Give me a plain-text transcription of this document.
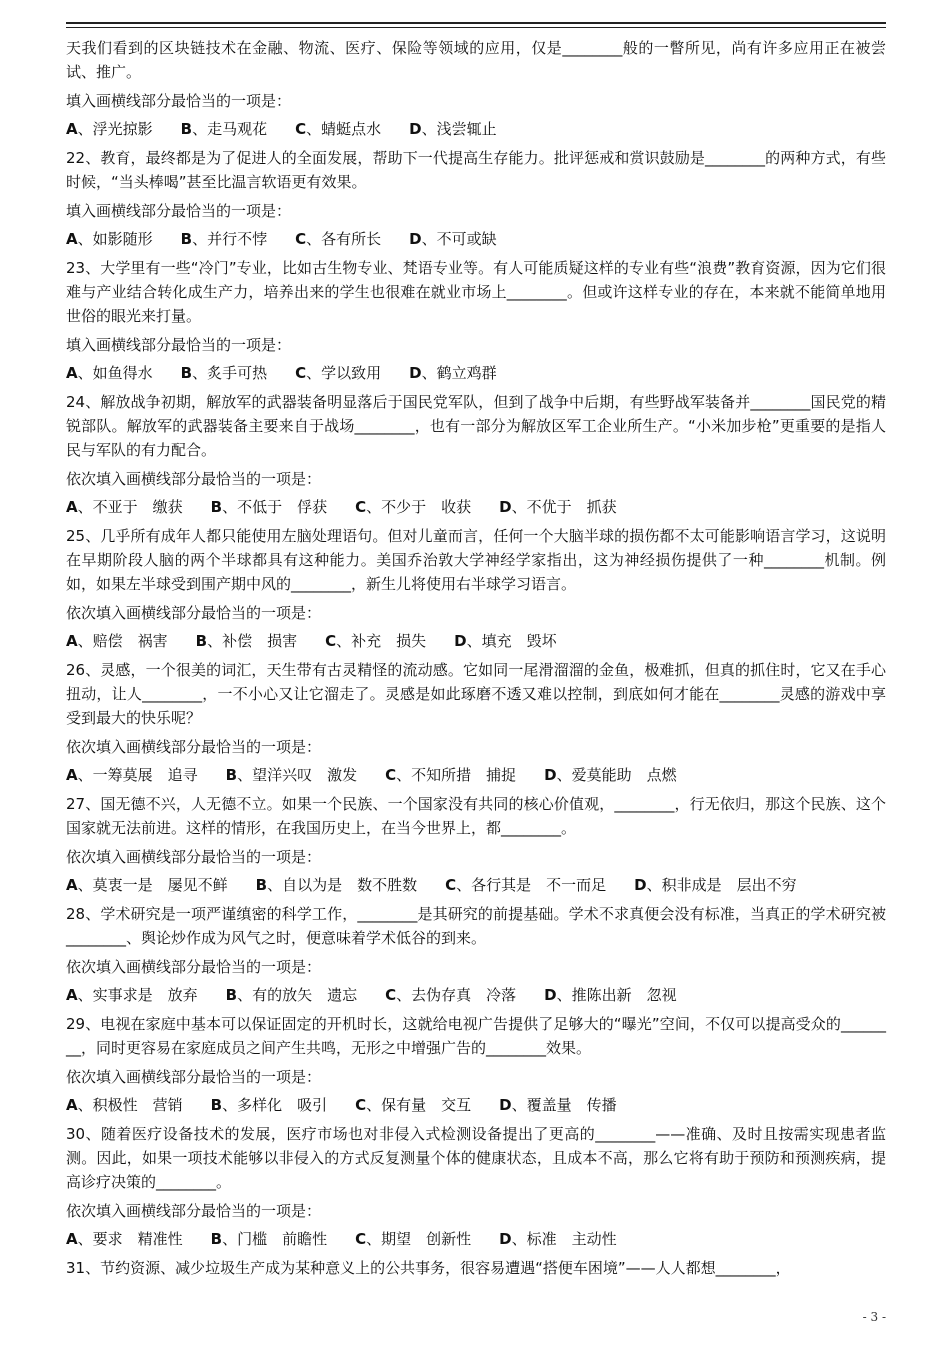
天我们看到的区块链技术在金融、物流、医疗、保险等领域的应用，仅是________般的一瞥所见，尚有许多应用正在被尝试、推广。

填入画横线部分最恰当的一项是：

A、浮光掠影 B、走马观花 C、蜻蜓点水 D、浅尝辄止

22、教育，最终都是为了促进人的全面发展，帮助下一代提高生存能力。批评惩戒和赏识鼓励是________的两种方式，有些时候，“当头棒喝”甚至比温言软语更有效果。

填入画横线部分最恰当的一项是：

A、如影随形 B、并行不悖 C、各有所长 D、不可或缺

23、大学里有一些“冷门”专业，比如古生物专业、梵语专业等。有人可能质疑这样的专业有些“浪费”教育资源，因为它们很难与产业结合转化成生产力，培养出来的学生也很难在就业市场上________。但或许这样专业的存在，本来就不能简单地用世俗的眼光来打量。

填入画横线部分最恰当的一项是：

A、如鱼得水 B、炙手可热 C、学以致用 D、鹤立鸡群

24、解放战争初期，解放军的武器装备明显落后于国民党军队，但到了战争中后期，有些野战军装备并________国民党的精锐部队。解放军的武器装备主要来自于战场________，也有一部分为解放区军工企业所生产。“小米加步枪”更重要的是指人民与军队的有力配合。

依次填入画横线部分最恰当的一项是：

A、不亚于　缴获 B、不低于　俘获 C、不少于　收获 D、不优于　抓获

25、几乎所有成年人都只能使用左脑处理语句。但对儿童而言，任何一个大脑半球的损伤都不太可能影响语言学习，这说明在早期阶段人脑的两个半球都具有这种能力。美国乔治敦大学神经学家指出，这为神经损伤提供了一种________机制。例如，如果左半球受到围产期中风的________，新生儿将使用右半球学习语言。

依次填入画横线部分最恰当的一项是：

A、赔偿　祸害 B、补偿　损害 C、补充　损失 D、填充　毁坏

26、灵感，一个很美的词汇，天生带有古灵精怪的流动感。它如同一尾滑溜溜的金鱼，极难抓，但真的抓住时，它又在手心扭动，让人________，一不小心又让它溜走了。灵感是如此琢磨不透又难以控制，到底如何才能在________灵感的游戏中享受到最大的快乐呢？

依次填入画横线部分最恰当的一项是：

A、一筹莫展　追寻 B、望洋兴叹　激发 C、不知所措　捕捉 D、爱莫能助　点燃

27、国无德不兴，人无德不立。如果一个民族、一个国家没有共同的核心价值观，________，行无依归，那这个民族、这个国家就无法前进。这样的情形，在我国历史上，在当今世界上，都________。

依次填入画横线部分最恰当的一项是：

A、莫衷一是　屡见不鲜 B、自以为是　数不胜数 C、各行其是　不一而足 D、积非成是　层出不穷

28、学术研究是一项严谨缜密的科学工作，________是其研究的前提基础。学术不求真便会没有标准，当真正的学术研究被________、舆论炒作成为风气之时，便意味着学术低谷的到来。

依次填入画横线部分最恰当的一项是：

A、实事求是　放弃 B、有的放矢　遗忘 C、去伪存真　冷落 D、推陈出新　忽视

29、电视在家庭中基本可以保证固定的开机时长，这就给电视广告提供了足够大的“曝光”空间，不仅可以提高受众的________，同时更容易在家庭成员之间产生共鸣，无形之中增强广告的________效果。

依次填入画横线部分最恰当的一项是：

A、积极性　营销 B、多样化　吸引 C、保有量　交互 D、覆盖量　传播

30、随着医疗设备技术的发展，医疗市场也对非侵入式检测设备提出了更高的________——准确、及时且按需实现患者监测。因此，如果一项技术能够以非侵入的方式反复测量个体的健康状态，且成本不高，那么它将有助于预防和预测疾病，提高诊疗决策的________。

依次填入画横线部分最恰当的一项是：

A、要求　精准性 B、门槛　前瞻性 C、期望　创新性 D、标准　主动性

31、节约资源、减少垃圾生产成为某种意义上的公共事务，很容易遭遇“搭便车困境”——人人都想________，

- 3 -
